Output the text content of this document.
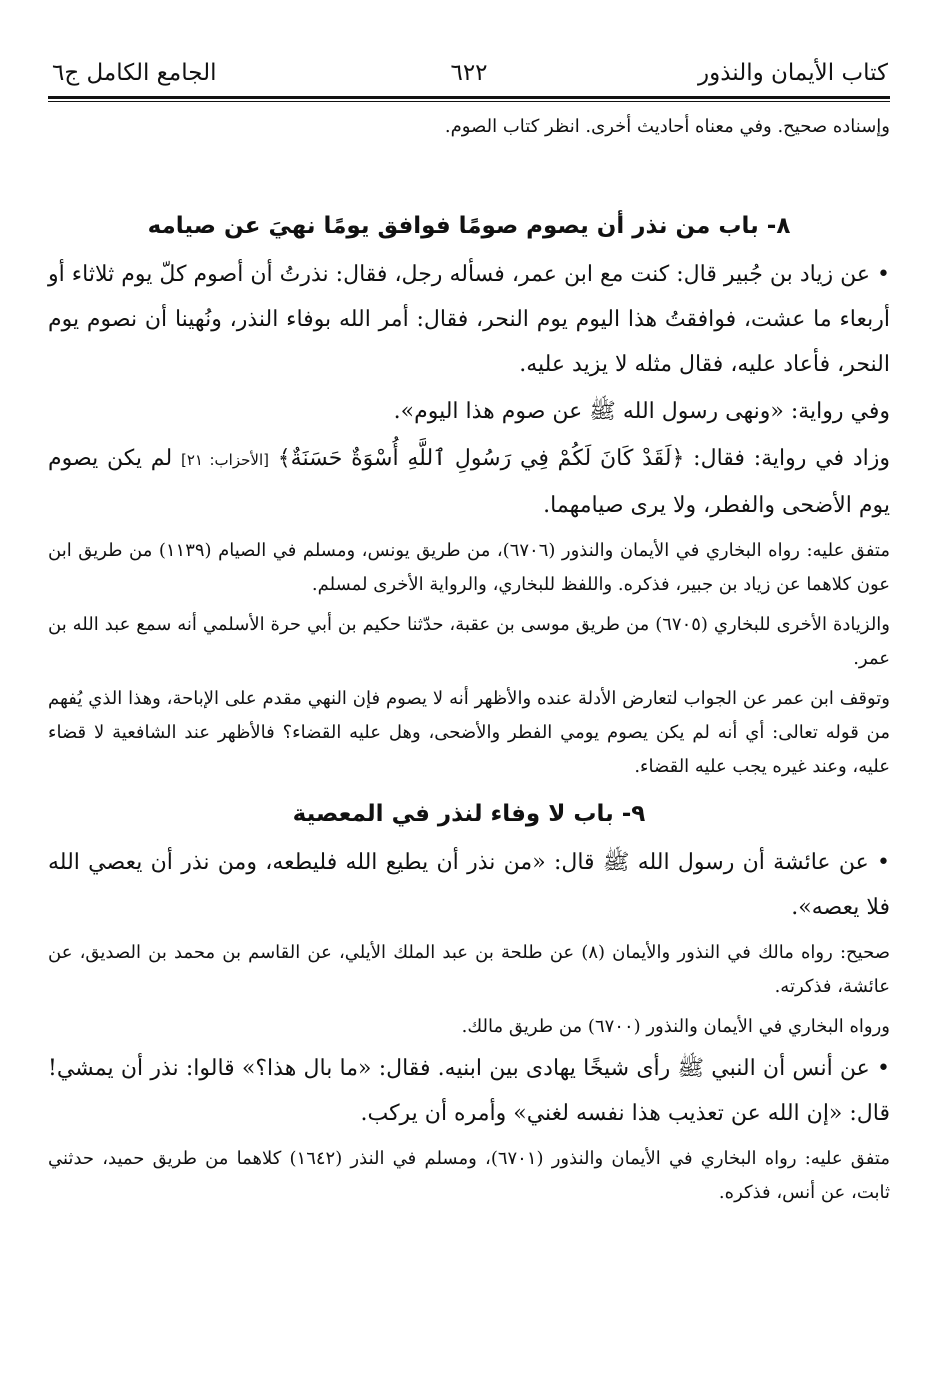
كتاب الأيمان والنذور
٦٢٢
الجامع الكامل ج٦

وإسناده صحيح. وفي معناه أحاديث أخرى. انظر كتاب الصوم.

٨- باب من نذر أن يصوم صومًا فوافق يومًا نهيَ عن صيامه

• عن زياد بن جُبير قال: كنت مع ابن عمر، فسأله رجل، فقال: نذرتُ أن أصوم كلّ يوم ثلاثاء أو أربعاء ما عشت، فوافقتُ هذا اليوم يوم النحر، فقال: أمر الله بوفاء النذر، ونُهينا أن نصوم يوم النحر، فأعاد عليه، فقال مثله لا يزيد عليه.

وفي رواية: «ونهى رسول الله ﷺ عن صوم هذا اليوم».

وزاد في رواية: فقال: ﴿لَقَدْ كَانَ لَكُمْ فِي رَسُولِ ٱللَّهِ أُسْوَةٌ حَسَنَةٌ﴾ [الأحزاب: ٢١] لم يكن يصوم يوم الأضحى والفطر، ولا يرى صيامهما.

متفق عليه: رواه البخاري في الأيمان والنذور (٦٧٠٦)، من طريق يونس، ومسلم في الصيام (١١٣٩) من طريق ابن عون كلاهما عن زياد بن جبير، فذكره. واللفظ للبخاري، والرواية الأخرى لمسلم.

والزيادة الأخرى للبخاري (٦٧٠٥) من طريق موسى بن عقبة، حدّثنا حكيم بن أبي حرة الأسلمي أنه سمع عبد الله بن عمر.

وتوقف ابن عمر عن الجواب لتعارض الأدلة عنده والأظهر أنه لا يصوم فإن النهي مقدم على الإباحة، وهذا الذي يُفهم من قوله تعالى: أي أنه لم يكن يصوم يومي الفطر والأضحى، وهل عليه القضاء؟ فالأظهر عند الشافعية لا قضاء عليه، وعند غيره يجب عليه القضاء.

٩- باب لا وفاء لنذر في المعصية

• عن عائشة أن رسول الله ﷺ قال: «من نذر أن يطيع الله فليطعه، ومن نذر أن يعصي الله فلا يعصه».

صحيح: رواه مالك في النذور والأيمان (٨) عن طلحة بن عبد الملك الأيلي، عن القاسم بن محمد بن الصديق، عن عائشة، فذكرته.

ورواه البخاري في الأيمان والنذور (٦٧٠٠) من طريق مالك.

• عن أنس أن النبي ﷺ رأى شيخًا يهادى بين ابنيه. فقال: «ما بال هذا؟» قالوا: نذر أن يمشي! قال: «إن الله عن تعذيب هذا نفسه لغني» وأمره أن يركب.

متفق عليه: رواه البخاري في الأيمان والنذور (٦٧٠١)، ومسلم في النذر (١٦٤٢) كلاهما من طريق حميد، حدثني ثابت، عن أنس، فذكره.
